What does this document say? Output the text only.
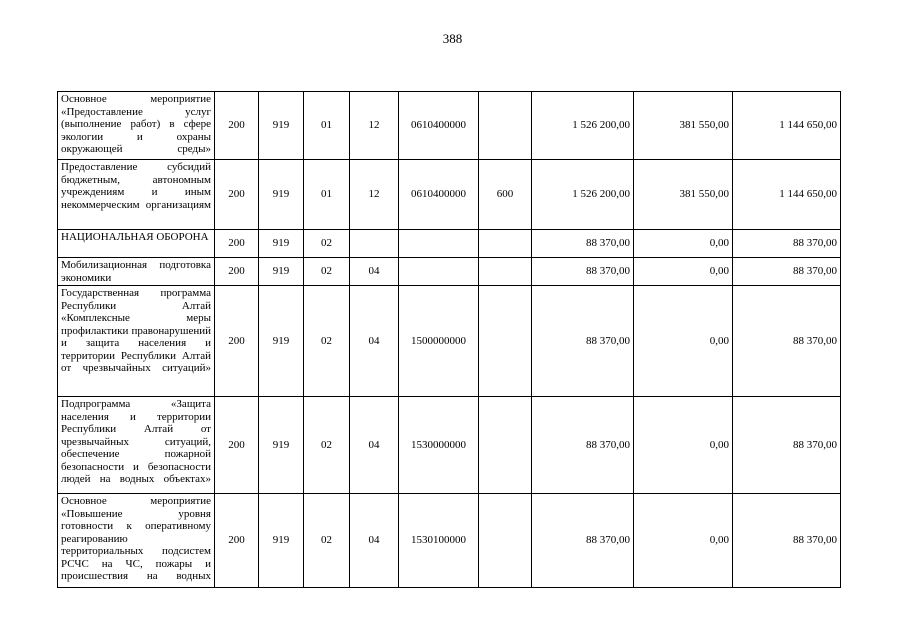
388
Основное мероприятие «Предоставление услуг (выполнение работ) в сфере экологии и охраны окружающей среды»	200	919	01	12	0610400000		1 526 200,00	381 550,00	1 144 650,00
Предоставление субсидий бюджетным, автономным учреждениям и иным некоммерческим организациям	200	919	01	12	0610400000	600	1 526 200,00	381 550,00	1 144 650,00
НАЦИОНАЛЬНАЯ ОБОРОНА	200	919	02				88 370,00	0,00	88 370,00
Мобилизационная подготовка экономики	200	919	02	04			88 370,00	0,00	88 370,00
Государственная программа Республики Алтай «Комплексные меры профилактики правонарушений и защита населения и территории Республики Алтай от чрезвычайных ситуаций»	200	919	02	04	1500000000		88 370,00	0,00	88 370,00
Подпрограмма «Защита населения и территории Республики Алтай от чрезвычайных ситуаций, обеспечение пожарной безопасности и безопасности людей на водных объектах»	200	919	02	04	1530000000		88 370,00	0,00	88 370,00
Основное мероприятие «Повышение уровня готовности к оперативному реагированию территориальных подсистем РСЧС на ЧС, пожары и происшествия на водных	200	919	02	04	1530100000		88 370,00	0,00	88 370,00
